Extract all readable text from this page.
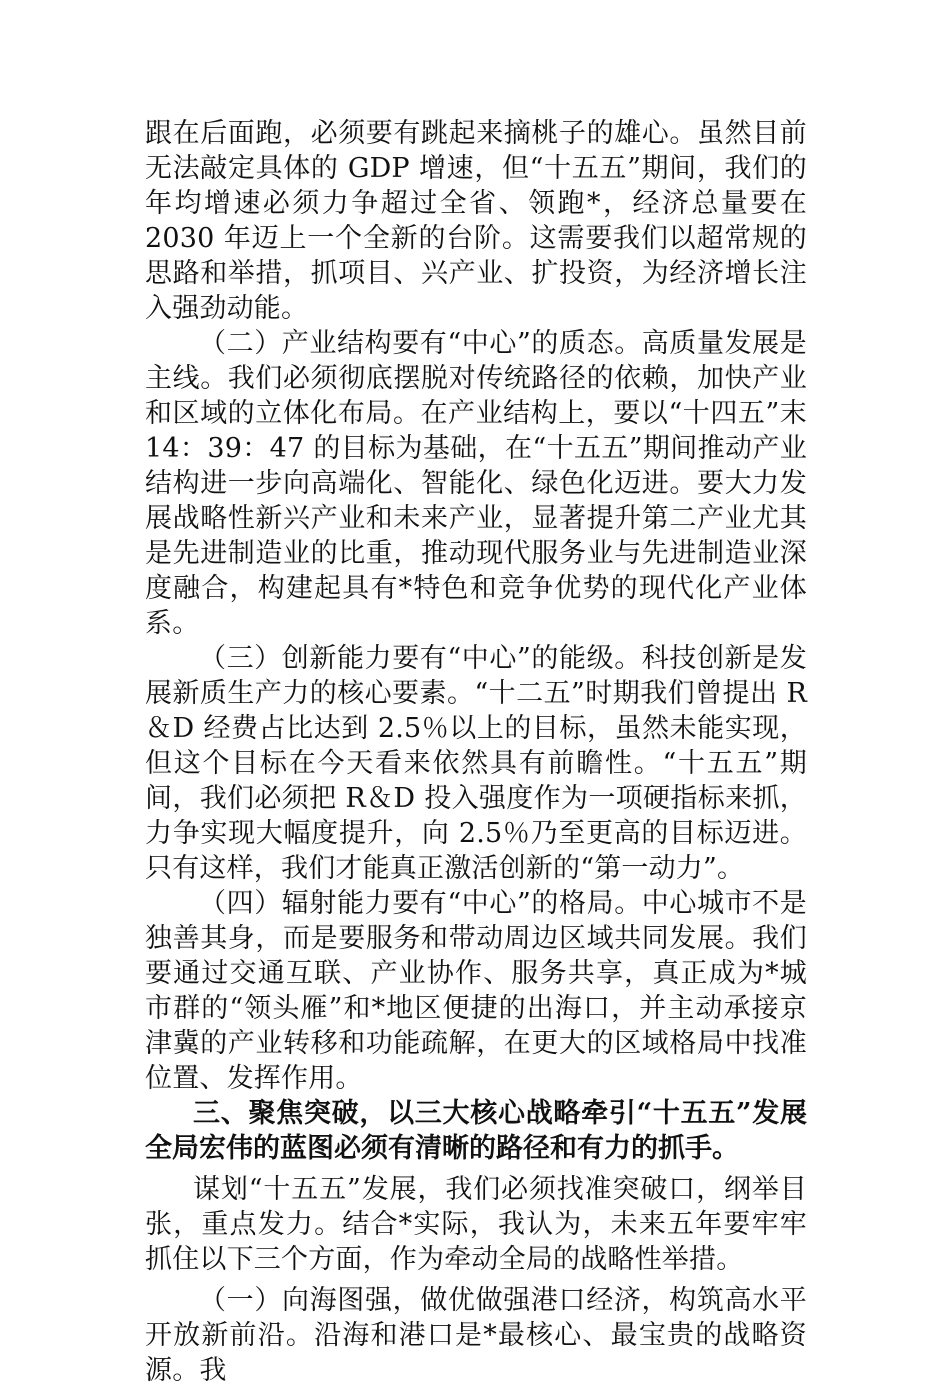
跟在后面跑，必须要有跳起来摘桃子的雄心。虽然目前无法敲定具体的 GDP 增速，但“十五五”期间，我们的年均增速必须力争超过全省、领跑*，经济总量要在 2030 年迈上一个全新的台阶。这需要我们以超常规的思路和举措，抓项目、兴产业、扩投资，为经济增长注入强劲动能。

（二）产业结构要有“中心”的质态。高质量发展是主线。我们必须彻底摆脱对传统路径的依赖，加快产业和区域的立体化布局。在产业结构上，要以“十四五”末 14：39：47 的目标为基础，在“十五五”期间推动产业结构进一步向高端化、智能化、绿色化迈进。要大力发展战略性新兴产业和未来产业，显著提升第二产业尤其是先进制造业的比重，推动现代服务业与先进制造业深度融合，构建起具有*特色和竞争优势的现代化产业体系。

（三）创新能力要有“中心”的能级。科技创新是发展新质生产力的核心要素。“十二五”时期我们曾提出 R＆D 经费占比达到 2.5％以上的目标，虽然未能实现，但这个目标在今天看来依然具有前瞻性。“十五五”期间，我们必须把 R＆D 投入强度作为一项硬指标来抓，力争实现大幅度提升，向 2.5％乃至更高的目标迈进。只有这样，我们才能真正激活创新的“第一动力”。

（四）辐射能力要有“中心”的格局。中心城市不是独善其身，而是要服务和带动周边区域共同发展。我们要通过交通互联、产业协作、服务共享，真正成为*城市群的“领头雁”和*地区便捷的出海口，并主动承接京津冀的产业转移和功能疏解，在更大的区域格局中找准位置、发挥作用。

三、聚焦突破，以三大核心战略牵引“十五五”发展全局宏伟的蓝图必须有清晰的路径和有力的抓手。

谋划“十五五”发展，我们必须找准突破口，纲举目张，重点发力。结合*实际，我认为，未来五年要牢牢抓住以下三个方面，作为牵动全局的战略性举措。

（一）向海图强，做优做强港口经济，构筑高水平开放新前沿。沿海和港口是*最核心、最宝贵的战略资源。我
